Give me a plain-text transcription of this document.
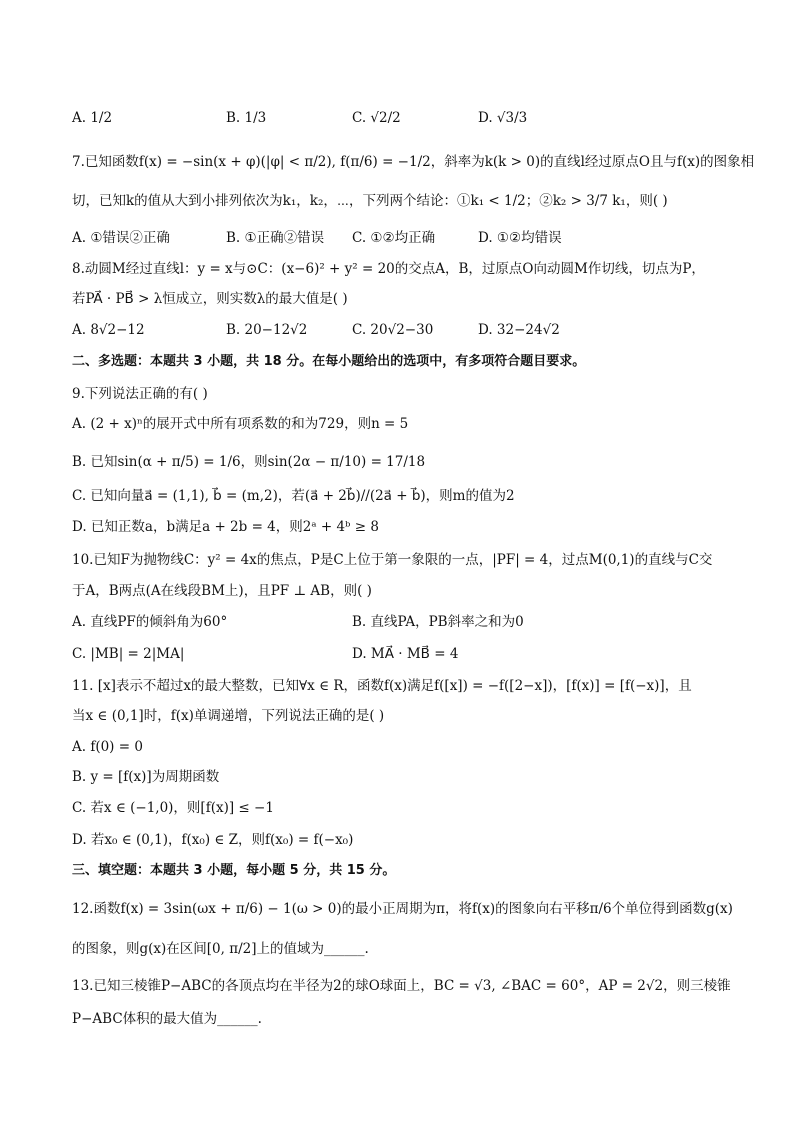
A. 1/2	B. 1/3	C. √2/2	D. √3/3
7.已知函数f(x) = −sin(x + φ)(|φ| < π/2), f(π/6) = −1/2，斜率为k(k > 0)的直线l经过原点O且与f(x)的图象相
切，已知k的值从大到小排列依次为k₁，k₂，⋯，下列两个结论：①k₁ < 1/2；②k₂ > 3/7 k₁，则( )
A. ①错误②正确	B. ①正确②错误 C. ①②均正确	D. ①②均错误
8.动圆M经过直线l：y = x与⊙C：(x−6)² + y² = 20的交点A，B，过原点O向动圆M作切线，切点为P，
若PA⃗ · PB⃗ > λ恒成立，则实数λ的最大值是( )
A. 8√2−12	B. 20−12√2	C. 20√2−30	D. 32−24√2
二、多选题：本题共 3 小题，共 18 分。在每小题给出的选项中，有多项符合题目要求。
9.下列说法正确的有( )
A. (2 + x)ⁿ的展开式中所有项系数的和为729，则n = 5
B. 已知sin(α + π/5) = 1/6，则sin(2α − π/10) = 17/18
C. 已知向量a⃗ = (1,1), b⃗ = (m,2)，若(a⃗ + 2b⃗)//(2a⃗ + b⃗)，则m的值为2
D. 已知正数a，b满足a + 2b = 4，则2ᵃ + 4ᵇ ≥ 8
10.已知F为抛物线C：y² = 4x的焦点，P是C上位于第一象限的一点，|PF| = 4，过点M(0,1)的直线与C交
于A，B两点(A在线段BM上)，且PF ⊥ AB，则( )
A. 直线PF的倾斜角为60°	B. 直线PA，PB斜率之和为0
C. |MB| = 2|MA|	D. MA⃗ · MB⃗ = 4
11. [x]表示不超过x的最大整数，已知∀x ∈ R，函数f(x)满足f([x]) = −f([2−x])，[f(x)] = [f(−x)]，且
当x ∈ (0,1]时，f(x)单调递增，下列说法正确的是( )
A. f(0) = 0
B. y = [f(x)]为周期函数
C. 若x ∈ (−1,0)，则[f(x)] ≤ −1
D. 若x₀ ∈ (0,1)，f(x₀) ∈ Z，则f(x₀) = f(−x₀)
三、填空题：本题共 3 小题，每小题 5 分，共 15 分。
12.函数f(x) = 3sin(ωx + π/6) − 1(ω > 0)的最小正周期为π，将f(x)的图象向右平移π/6个单位得到函数g(x)
的图象，则g(x)在区间[0, π/2]上的值域为______.
13.已知三棱锥P−ABC的各顶点均在半径为2的球O球面上，BC = √3, ∠BAC = 60°，AP = 2√2，则三棱锥
P−ABC体积的最大值为______.
